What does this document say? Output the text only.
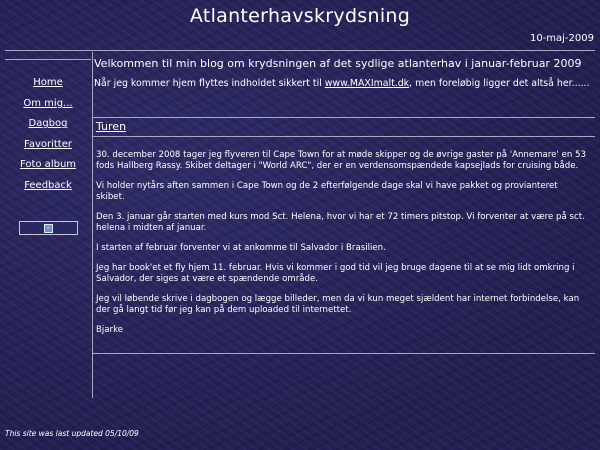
Atlanterhavskrydsning
10-maj-2009
Home
Om mig...
Dagbog
Favoritter
Foto album
Feedback
⌕

Velkommen til min blog om krydsningen af det sydlige atlanterhav i januar-februar 2009

Når jeg kommer hjem flyttes indholdet sikkert til www.MAXImalt.dk, men foreløbig ligger det altså her......

Turen

30. december 2008 tager jeg flyveren til Cape Town for at møde skipper og de øvrige gaster på 'Annemare' en 53 fods Hallberg Rassy. Skibet deltager i "World ARC", der er en verdensomspændede kapsejlads for cruising både.

Vi holder nytårs aften sammen i Cape Town og de 2 efterfølgende dage skal vi have pakket og provianteret skibet.

Den 3. januar går starten med kurs mod Sct. Helena, hvor vi har et 72 timers pitstop. Vi forventer at være på sct. helena i midten af januar.

I starten af februar forventer vi at ankomme til Salvador i Brasilien.

Jeg har book'et et fly hjem 11. februar. Hvis vi kommer i god tid vil jeg bruge dagene til at se mig lidt omkring i Salvador, der siges at være et spændende område.

Jeg vil løbende skrive i dagbogen og lægge billeder, men da vi kun meget sjældent har internet forbindelse, kan der gå langt tid før jeg kan på dem uploaded til internettet.

Bjarke

This site was last updated 05/10/09
